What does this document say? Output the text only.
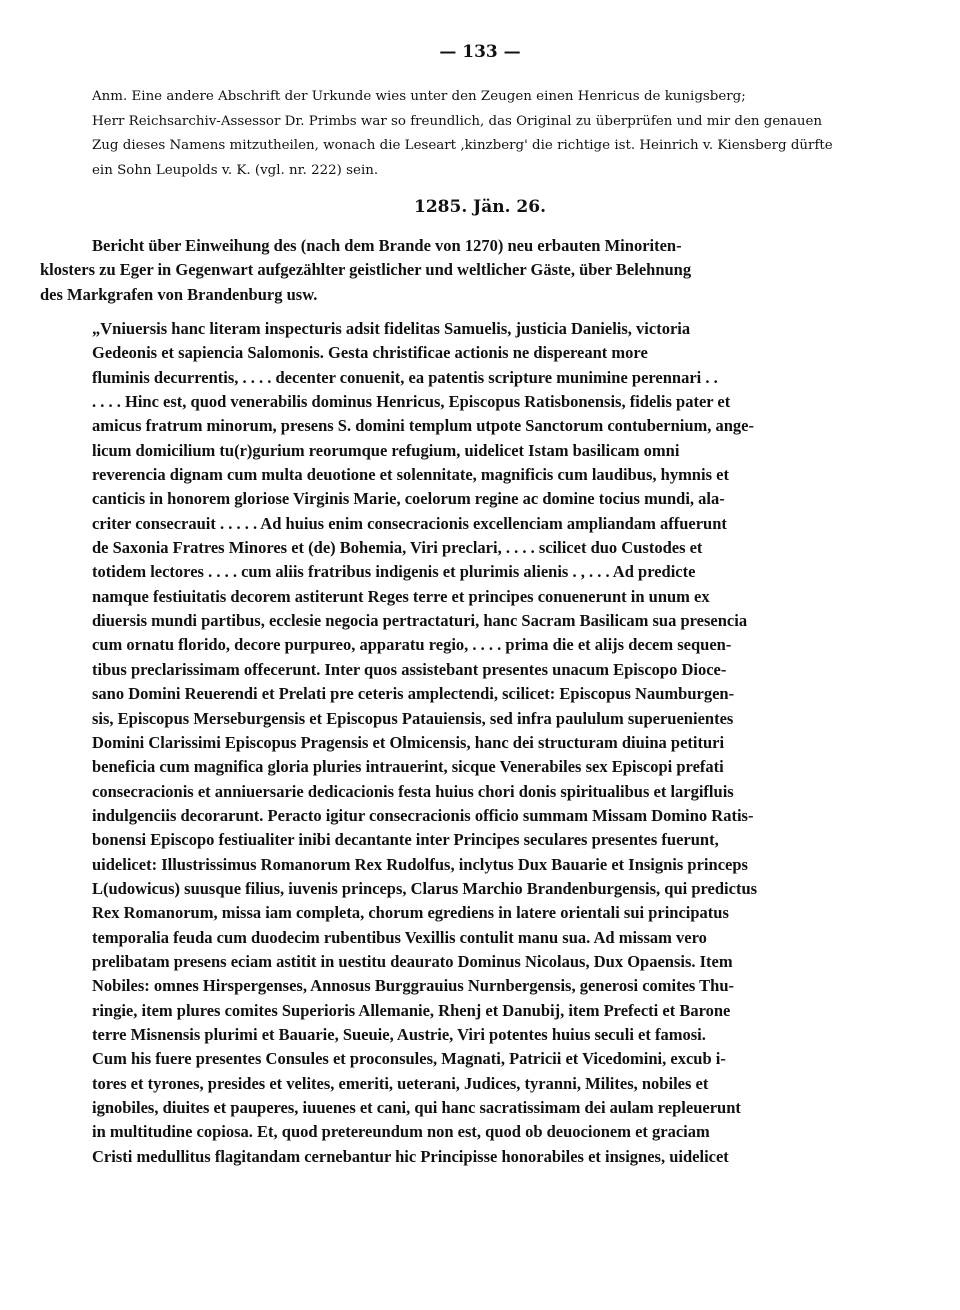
— 133 —
Anm. Eine andere Abschrift der Urkunde wies unter den Zeugen einen Henricus de kunigsberg;
Herr Reichsarchiv-Assessor Dr. Primbs war so freundlich, das Original zu überprüfen und mir den genauen
Zug dieses Namens mitzutheilen, wonach die Leseart ‚kinzberg' die richtige ist. Heinrich v. Kiensberg dürfte
ein Sohn Leupolds v. K. (vgl. nr. 222) sein.
1285. Jän. 26.
Bericht über Einweihung des (nach dem Brande von 1270) neu erbauten Minoriten-
klosters zu Eger in Gegenwart aufgezählter geistlicher und weltlicher Gäste, über Belehnung
des Markgrafen von Brandenburg usw.
„Vniuersis hanc literam inspecturis adsit fidelitas Samuelis, justicia Danielis, victoria
Gedeonis et sapiencia Salomonis. Gesta christificae actionis ne dispereant more
fluminis decurrentis, . . . . decenter conuenit, ea patentis scripture munimine perennari . .
. . . . Hinc est, quod venerabilis dominus Henricus, Episcopus Ratisbonensis, fidelis pater et
amicus fratrum minorum, presens S. domini templum utpote Sanctorum contubernium, ange-
licum domicilium tu(r)gurium reorumque refugium, uidelicet Istam basilicam omni
reverencia dignam cum multa deuotione et solennitate, magnificis cum laudibus, hymnis et
canticis in honorem gloriose Virginis Marie, coelorum regine ac domine tocius mundi, ala-
criter consecrauit . . . . . Ad huius enim consecracionis excellenciam ampliandam affuerunt
de Saxonia Fratres Minores et (de) Bohemia, Viri preclari, . . . . scilicet duo Custodes et
totidem lectores . . . . cum aliis fratribus indigenis et plurimis alienis . , . . . Ad predicte
namque festiuitatis decorem astiterunt Reges terre et principes conuenerunt in unum ex
diuersis mundi partibus, ecclesie negocia pertractaturi, hanc Sacram Basilicam sua presencia
cum ornatu florido, decore purpureo, apparatu regio, . . . . prima die et alijs decem sequen-
tibus preclarissimam offecerunt. Inter quos assistebant presentes unacum Episcopo Dioce-
sano Domini Reuerendi et Prelati pre ceteris amplectendi, scilicet: Episcopus Naumburgen-
sis, Episcopus Merseburgensis et Episcopus Patauiensis, sed infra paululum superuenientes
Domini Clarissimi Episcopus Pragensis et Olmicensis, hanc dei structuram diuina petituri
beneficia cum magnifica gloria pluries intrauerint, sicque Venerabiles sex Episcopi prefati
consecracionis et anniuersarie dedicacionis festa huius chori donis spiritualibus et largifluis
indulgenciis decorarunt. Peracto igitur consecracionis officio summam Missam Domino Ratis-
bonensi Episcopo festiualiter inibi decantante inter Principes seculares presentes fuerunt,
uidelicet: Illustrissimus Romanorum Rex Rudolfus, inclytus Dux Bauarie et Insignis princeps
L(udowicus) suusque filius, iuvenis princeps, Clarus Marchio Brandenburgensis, qui predictus
Rex Romanorum, missa iam completa, chorum egrediens in latere orientali sui principatus
temporalia feuda cum duodecim rubentibus Vexillis contulit manu sua. Ad missam vero
prelibatam presens eciam astitit in uestitu deaurato Dominus Nicolaus, Dux Opaensis. Item
Nobiles: omnes Hirspergenses, Annosus Burggrauius Nurnbergensis, generosi comites Thu-
ringie, item plures comites Superioris Allemanie, Rhenj et Danubij, item Prefecti et Barone
terre Misnensis plurimi et Bauarie, Sueuie, Austrie, Viri potentes huius seculi et famosi.
Cum his fuere presentes Consules et proconsules, Magnati, Patricii et Vicedomini, excub i-
tores et tyrones, presides et velites, emeriti, ueterani, Judices, tyranni, Milites, nobiles et
ignobiles, diuites et pauperes, iuuenes et cani, qui hanc sacratissimam dei aulam repleuerunt
in multitudine copiosa. Et, quod pretereundum non est, quod ob deuocionem et graciam
Cristi medullitus flagitandam cernebantur hic Principisse honorabiles et insignes, uidelicet
